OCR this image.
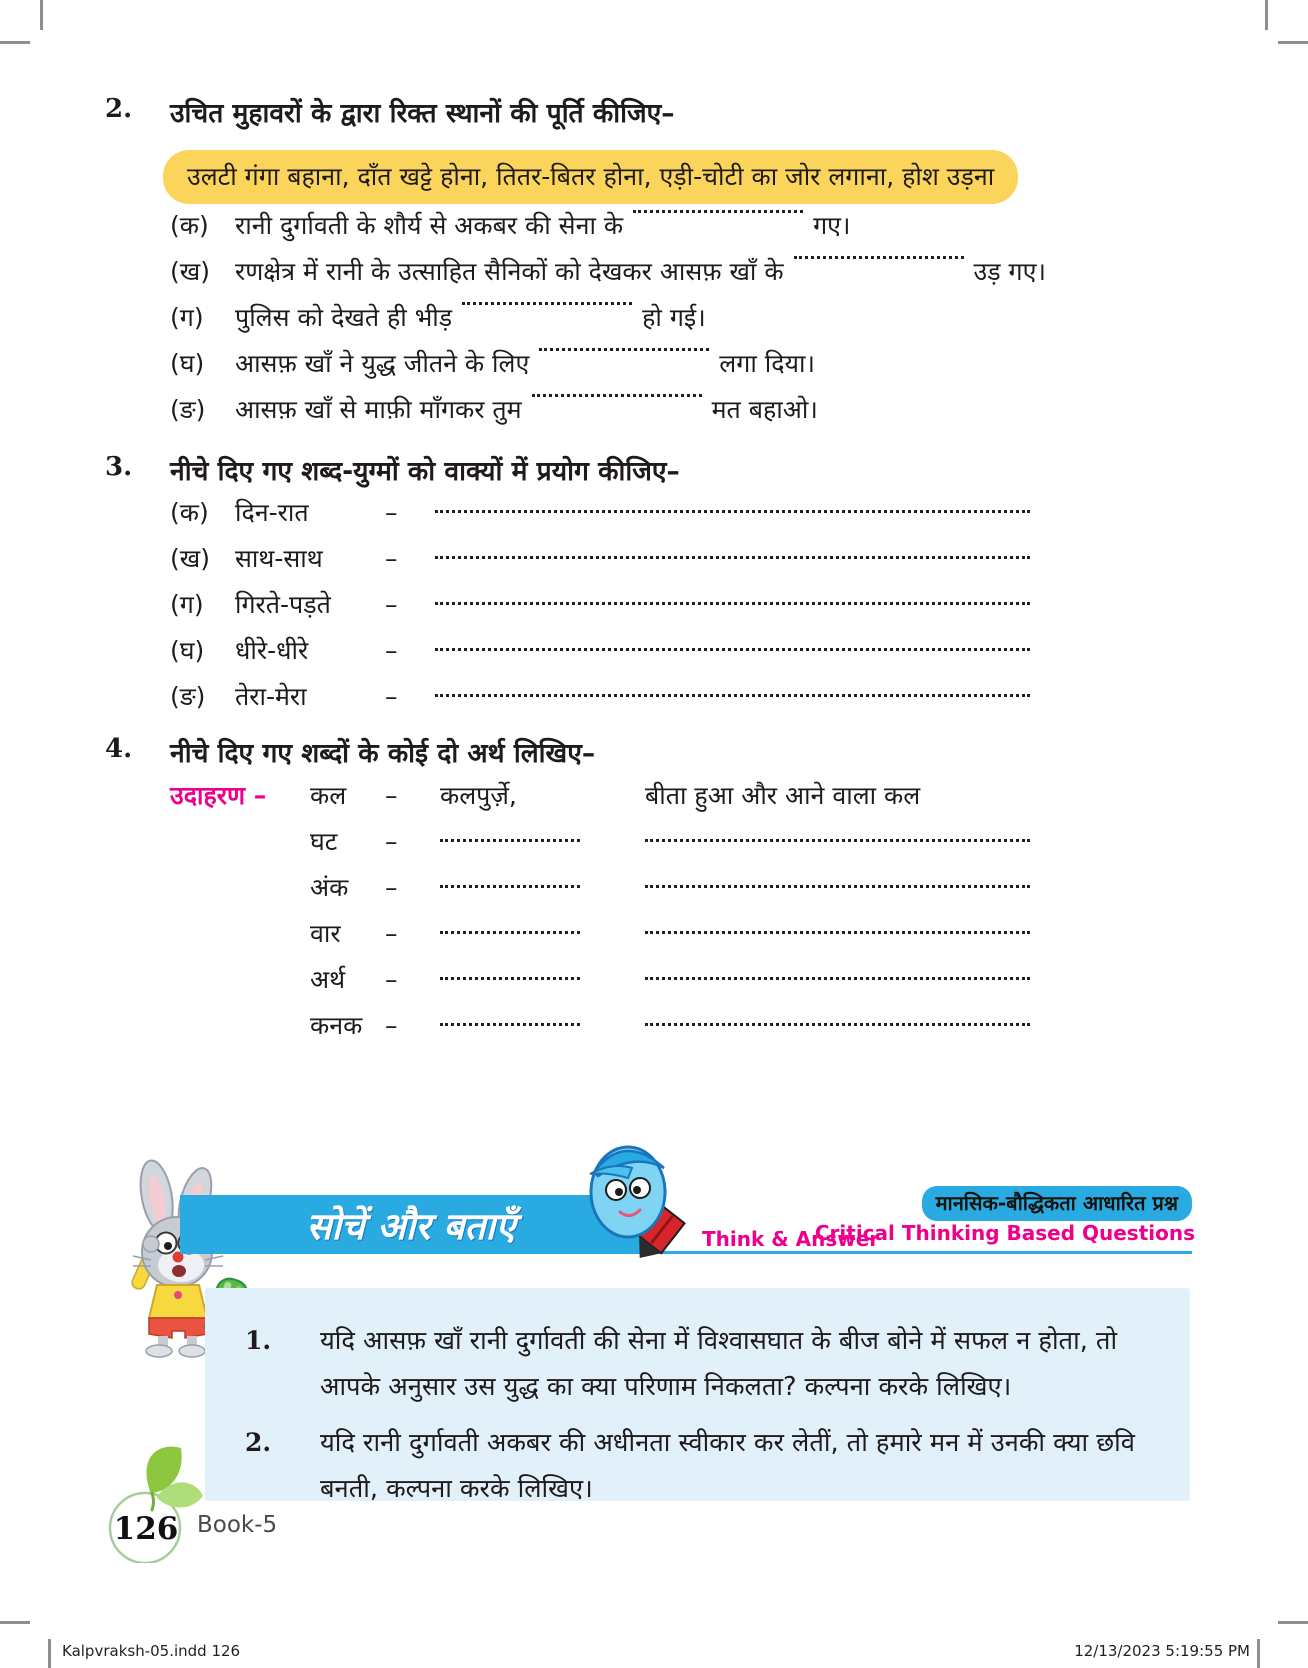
2.	उचित मुहावरों के द्वारा रिक्त स्थानों की पूर्ति कीजिए–
उलटी गंगा बहाना, दाँत खट्टे होना, तितर-बितर होना, एड़ी-चोटी का जोर लगाना, होश उड़ना
(क)	रानी दुर्गावती के शौर्य से अकबर की सेना के	गए।
(ख)	रणक्षेत्र में रानी के उत्साहित सैनिकों को देखकर आसफ़ खाँ के	उड़ गए।
(ग)	पुलिस को देखते ही भीड़	हो गई।
(घ)	आसफ़ खाँ ने युद्ध जीतने के लिए	लगा दिया।
(ङ)	आसफ़ खाँ से माफ़ी माँगकर तुम	मत बहाओ।
3.	नीचे दिए गए शब्द-युग्मों को वाक्यों में प्रयोग कीजिए–
(क)	दिन-रात	–
(ख)	साथ-साथ	–
(ग)	गिरते-पड़ते	–
(घ)	धीरे-धीरे	–
(ङ)	तेरा-मेरा	–
4.	नीचे दिए गए शब्दों के कोई दो अर्थ लिखिए–
उदाहरण –	कल	–	कलपुर्ज़े,	बीता हुआ और आने वाला कल
घट	–
अंक	–
वार	–
अर्थ	–
कनक –
सोचें और बताएँ	Think & Answer
मानसिक-बौद्धिकता आधारित प्रश्न
Critical Thinking Based Questions
1.	यदि आसफ़ खाँ रानी दुर्गावती की सेना में विश्वासघात के बीज बोने में सफल न होता, तो आपके अनुसार उस युद्ध का क्या परिणाम निकलता? कल्पना करके लिखिए।
2.	यदि रानी दुर्गावती अकबर की अधीनता स्वीकार कर लेतीं, तो हमारे मन में उनकी क्या छवि बनती, कल्पना करके लिखिए।
126 Book-5
Kalpvraksh-05.indd 126	12/13/2023 5:19:55 PM
